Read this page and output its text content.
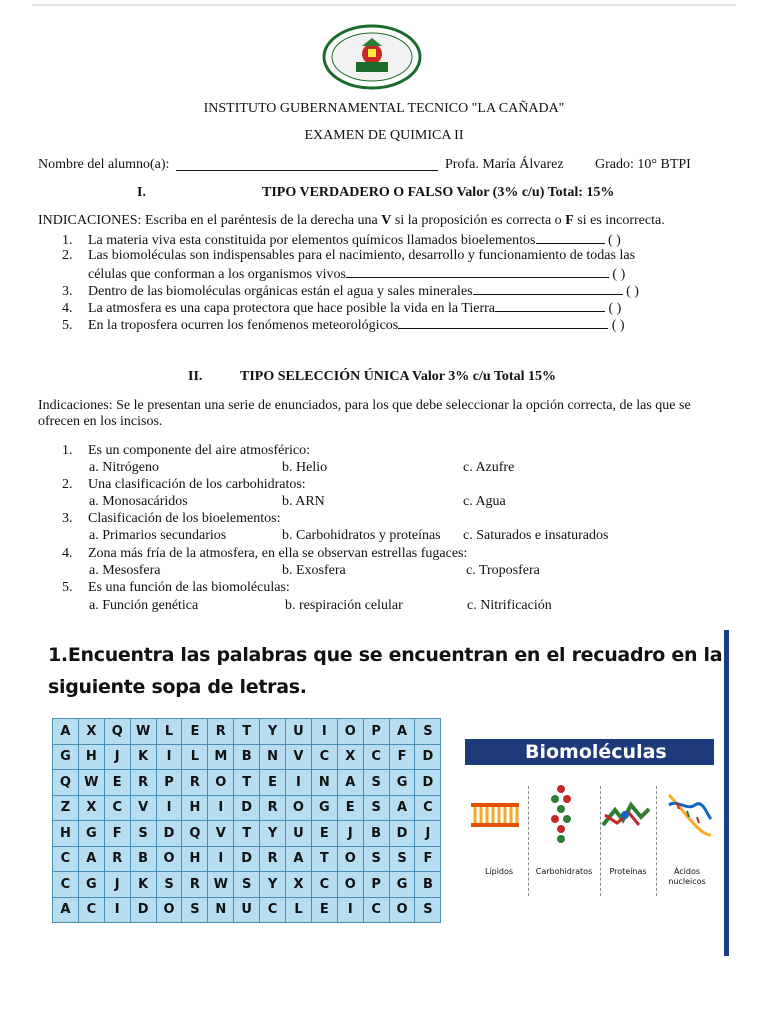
INSTITUTO GUBERNAMENTAL TECNICO "LA CAÑADA"
EXAMEN DE QUIMICA II
Nombre del alumno(a):	Profa. María Álvarez Grado: 10° BTPI
I.	TIPO VERDADERO O FALSO Valor (3% c/u) Total: 15%
INDICACIONES: Escriba en el paréntesis de la derecha una V si la proposición es correcta o F si es incorrecta.
1. La materia viva esta constituida por elementos químicos llamados bioelementos	( )
2. Las biomoléculas son indispensables para el nacimiento, desarrollo y funcionamiento de todas las
células que conforman a los organismos vivos	( )
3. Dentro de las biomoléculas orgánicas están el agua y sales minerales	( )
4. La atmosfera es una capa protectora que hace posible la vida en la Tierra	( )
5. En la troposfera ocurren los fenómenos meteorológicos	( )
II.	TIPO SELECCIÓN ÚNICA Valor 3% c/u Total 15%
Indicaciones: Se le presentan una serie de enunciados, para los que debe seleccionar la opción correcta, de las que se
ofrecen en los incisos.
1. Es un componente del aire atmosférico:
a. Nitrógeno	b. Helio	c. Azufre
2. Una clasificación de los carbohidratos:
a. Monosacáridos	b. ARN	c. Agua
3. Clasificación de los bioelementos:
a. Primarios secundarios	b. Carbohidratos y proteínas c. Saturados e insaturados
4. Zona más fría de la atmosfera, en ella se observan estrellas fugaces:
a. Mesosfera	b. Exosfera	c. Troposfera
5. Es una función de las biomoléculas:
a. Función genética	b. respiración celular	c. Nitrificación
1.Encuentra las palabras que se encuentran en el recuadro en la
siguiente sopa de letras.
A	X	Q	W	L	E	R	T	Y	U	I	O	P	A	S
G	H	J	K	I	L	M	B	N	V	C	X	C	F	D
Q	W	E	R	P	R	O	T	E	I	N	A	S	G	D
Z	X	C	V	I	H	I	D	R	O	G	E	S	A	C
H	G	F	S	D	Q	V	T	Y	U	E	J	B	D	J
C	A	R	B	O	H	I	D	R	A	T	O	S	S	F
C	G	J	K	S	R	W	S	Y	X	C	O	P	G	B
A	C	I	D	O	S	N	U	C	L	E	I	C	O	S
Biomoléculas
Lípidos	Carbohidratos	Proteínas	Ácidos nucleicos
